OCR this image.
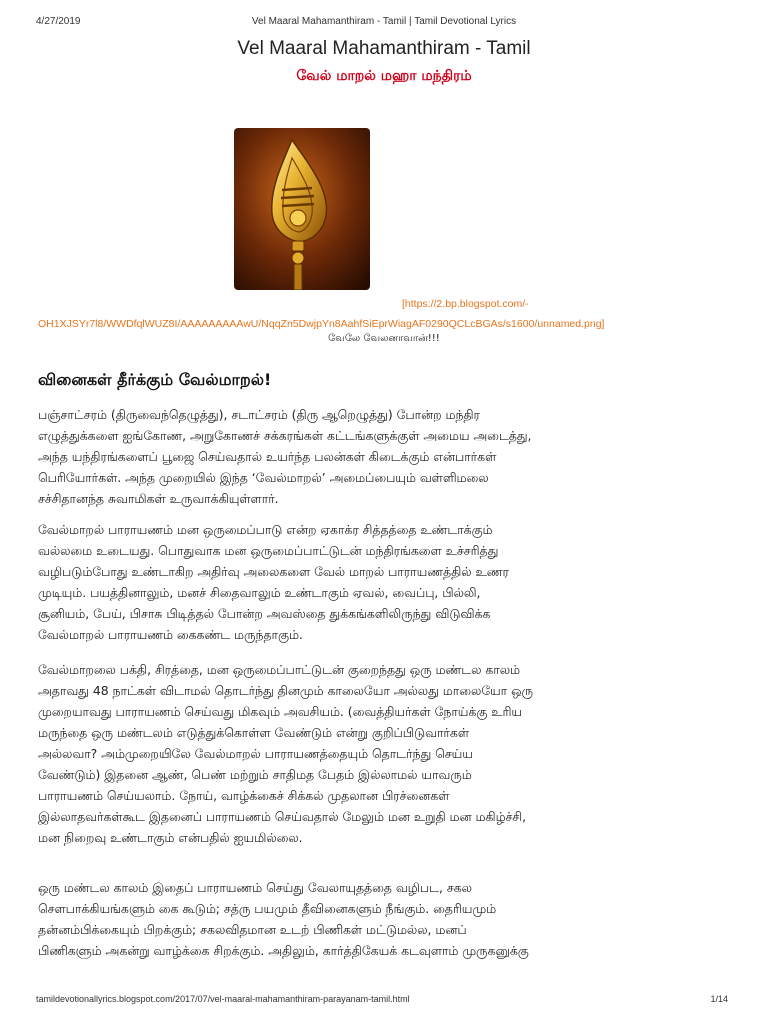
4/27/2019	Vel Maaral Mahamanthiram - Tamil | Tamil Devotional Lyrics
Vel Maaral Mahamanthiram - Tamil
வேல் மாறல் மஹா மந்திரம்
[https://2.bp.blogspot.com/-
OH1XJSYr7l8/WWDfqlWUZ8I/AAAAAAAAAwU/NqqZn5DwjpYn8AahfSiEprWiagAF0290QCLcBGAs/s1600/unnamed.png]
வேலே வேலனாவான்!!!
வினைகள் தீர்க்கும் வேல்மாறல்!
பஞ்சாட்சரம் (திருவைந்தெழுத்து), சடாட்சரம் (திரு ஆறெழுத்து) போன்ற மந்திர
எழுத்துக்களை ஐங்கோண, அறுகோணச் சக்கரங்கள் கட்டங்களுக்குள் அமைய அடைத்து,
அந்த யந்திரங்களைப் பூஜை செய்வதால் உயர்ந்த பலன்கள் கிடைக்கும் என்பார்கள்
பெரியோர்கள். அந்த முறையில் இந்த ‘வேல்மாறல்’ அமைப்பையும் வள்ளிமலை
சச்சிதானந்த சுவாமிகள் உருவாக்கியுள்ளார்.
வேல்மாறல் பாராயணம் மன ஒருமைப்பாடு என்ற ஏகாக்ர சித்தத்தை உண்டாக்கும்
வல்லமை உடையது. பொதுவாக மன ஒருமைப்பாட்டுடன் மந்திரங்களை உச்சரித்து
வழிபடும்போது உண்டாகிற அதிர்வு அலைகளை வேல் மாறல் பாராயணத்தில் உணர
முடியும். பயத்தினாலும், மனச் சிதைவாலும் உண்டாகும் ஏவல், வைப்பு, பில்லி,
சூனியம், பேய், பிசாசு பிடித்தல் போன்ற அவஸ்தை துக்கங்களிலிருந்து விடுவிக்க
வேல்மாறல் பாராயணம் கைகண்ட மருந்தாகும்.
வேல்மாறலை பக்தி, சிரத்தை, மன ஒருமைப்பாட்டுடன் குறைந்தது ஒரு மண்டல காலம்
அதாவது 48 நாட்கள் விடாமல் தொடர்ந்து தினமும் காலையோ அல்லது மாலையோ ஒரு
முறையாவது பாராயணம் செய்வது மிகவும் அவசியம். (வைத்தியர்கள் நோய்க்கு உரிய
மருந்தை ஒரு மண்டலம் எடுத்துக்கொள்ள வேண்டும் என்று குறிப்பிடுவார்கள்
அல்லவா? அம்முறையிலே வேல்மாறல் பாராயணத்தையும் தொடர்ந்து செய்ய
வேண்டும்) இதனை ஆண், பெண் மற்றும் சாதிமத பேதம் இல்லாமல் யாவரும்
பாராயணம் செய்யலாம். நோய், வாழ்க்கைச் சிக்கல் முதலான பிரச்னைகள்
இல்லாதவர்கள்கூட இதனைப் பாராயணம் செய்வதால் மேலும் மன உறுதி மன மகிழ்ச்சி,
மன நிறைவு உண்டாகும் என்பதில் ஐயமில்லை.
ஒரு மண்டல காலம் இதைப் பாராயணம் செய்து வேலாயுதத்தை வழிபட, சகல
சௌபாக்கியங்களும் கை கூடும்; சத்ரு பயமும் தீவினைகளும் நீங்கும். தைரியமும்
தன்னம்பிக்கையும் பிறக்கும்; சகலவிதமான உடற் பிணிகள் மட்டுமல்ல, மனப்
பிணிகளும் அகன்று வாழ்க்கை சிறக்கும். அதிலும், கார்த்திகேயக் கடவுளாம் முருகனுக்கு
tamildevotionallyrics.blogspot.com/2017/07/vel-maaral-mahamanthiram-parayanam-tamil.html	1/14
